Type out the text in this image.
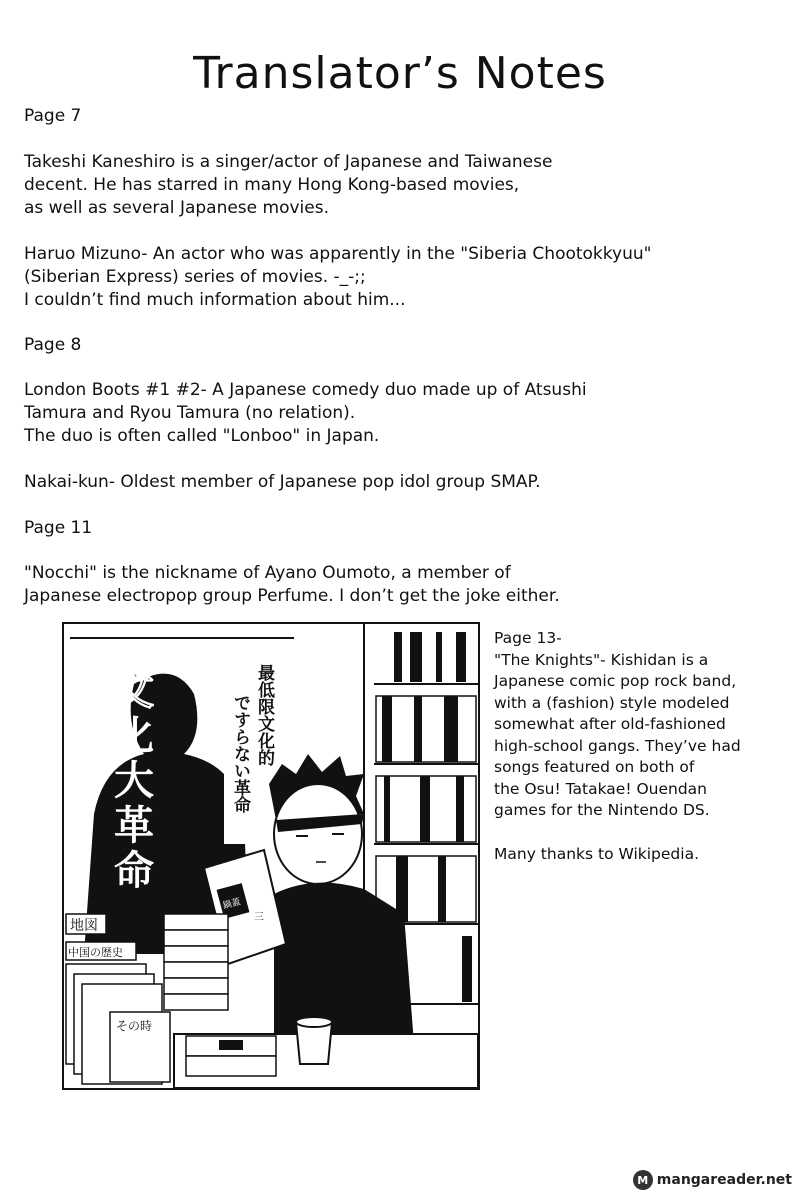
Translator’s Notes
Page 7
Takeshi Kaneshiro is a singer/actor of Japanese and Taiwanese
decent. He has starred in many Hong Kong-based movies,
as well as several Japanese movies.
Haruo Mizuno- An actor who was apparently in the "Siberia Chootokkyuu"
(Siberian Express) series of movies. -_-;;
I couldn’t find much information about him...
Page 8
London Boots #1 #2- A Japanese comedy duo made up of Atsushi
Tamura and Ryou Tamura (no relation).
The duo is often called "Lonboo" in Japan.
Nakai-kun- Oldest member of Japanese pop idol group SMAP.
Page 11
"Nocchi" is the nickname of Ayano Oumoto, a member of
Japanese electropop group Perfume. I don’t get the joke either.
Page 13-
"The Knights"- Kishidan is a
Japanese comic pop rock band,
with a (fashion) style modeled
somewhat after old-fashioned
high-school gangs. They’ve had
songs featured on both of
the Osu! Tatakae! Ouendan
games for the Nintendo DS.
Many thanks to Wikipedia.
文
化
大
革
命
最低限文化的
ですらない革命
鍋蓋
三
地図
中国の歴史
その時
M mangareader.net
